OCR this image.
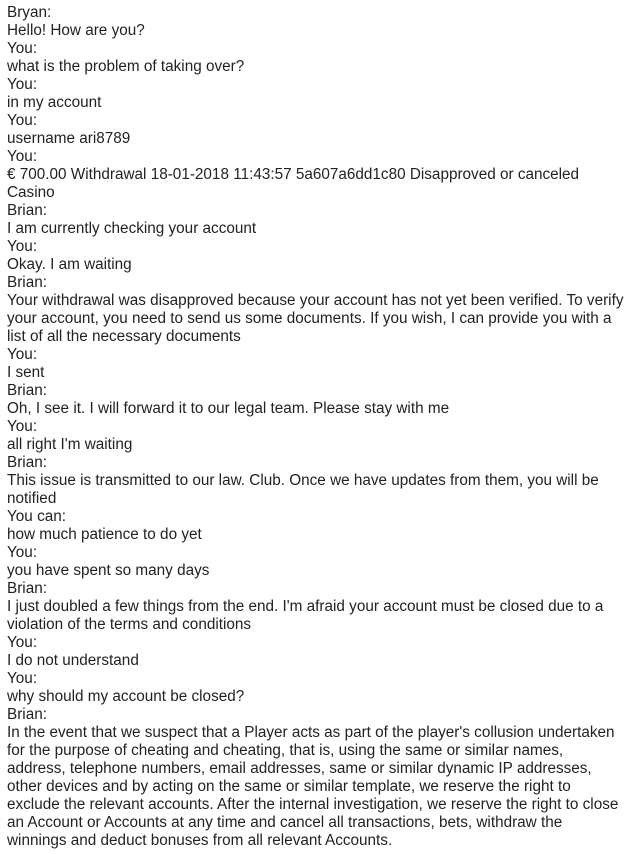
Bryan:
Hello! How are you?
You:
what is the problem of taking over?
You:
in my account
You:
username ari8789
You:
€ 700.00 Withdrawal 18-01-2018 11:43:57 5a607a6dd1c80 Disapproved or canceled Casino
Brian:
I am currently checking your account
You:
Okay. I am waiting
Brian:
Your withdrawal was disapproved because your account has not yet been verified. To verify your account, you need to send us some documents. If you wish, I can provide you with a list of all the necessary documents
You:
I sent
Brian:
Oh, I see it. I will forward it to our legal team. Please stay with me
You:
all right I'm waiting
Brian:
This issue is transmitted to our law. Club. Once we have updates from them, you will be notified
You can:
how much patience to do yet
You:
you have spent so many days
Brian:
I just doubled a few things from the end. I'm afraid your account must be closed due to a violation of the terms and conditions
You:
I do not understand
You:
why should my account be closed?
Brian:
In the event that we suspect that a Player acts as part of the player's collusion undertaken for the purpose of cheating and cheating, that is, using the same or similar names, address, telephone numbers, email addresses, same or similar dynamic IP addresses, other devices and by acting on the same or similar template, we reserve the right to exclude the relevant accounts. After the internal investigation, we reserve the right to close an Account or Accounts at any time and cancel all transactions, bets, withdraw the winnings and deduct bonuses from all relevant Accounts.
